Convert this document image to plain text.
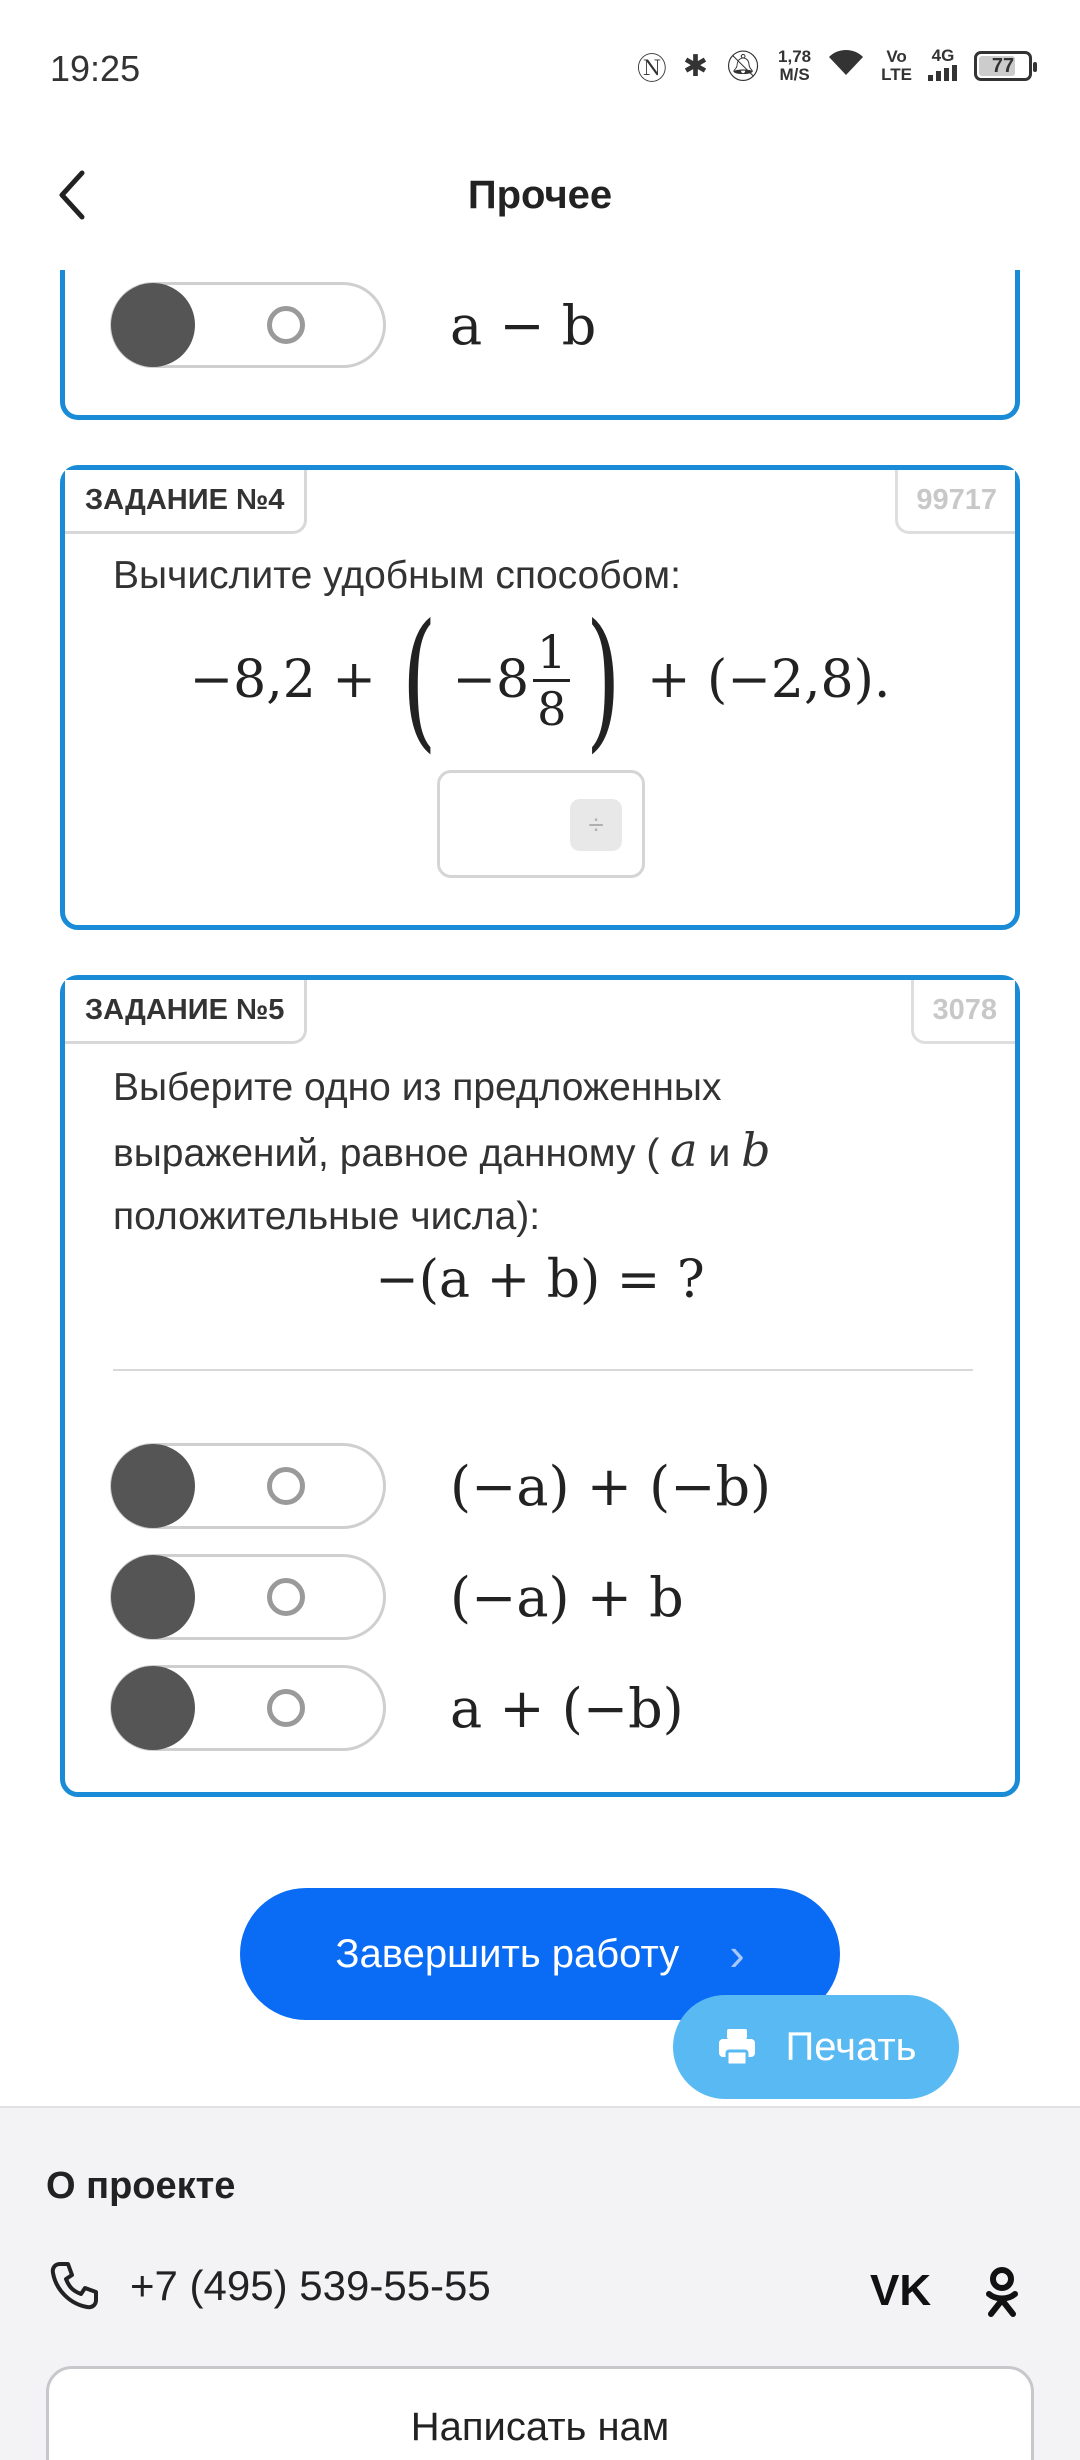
19:25	Ⓝ ✱ 🔕︎ 1,78
M/S
Vo
LTE
4G 77
Прочее
a − b
ЗАДАНИЕ №4	99717
Вычислите удобным способом:
−8,2 + ( −8 1
8 ) + (−2,8).
÷
ЗАДАНИЕ №5	3078
Выберите одно из предложенных
выражений, равное данному ( a и b
положительные числа):
−(a + b) = ?
(−a) + (−b)
(−a) + b
a + (−b)
Завершить работу ›
Печать
О проекте
+7 (495) 539-55-55	VK
Написать нам
